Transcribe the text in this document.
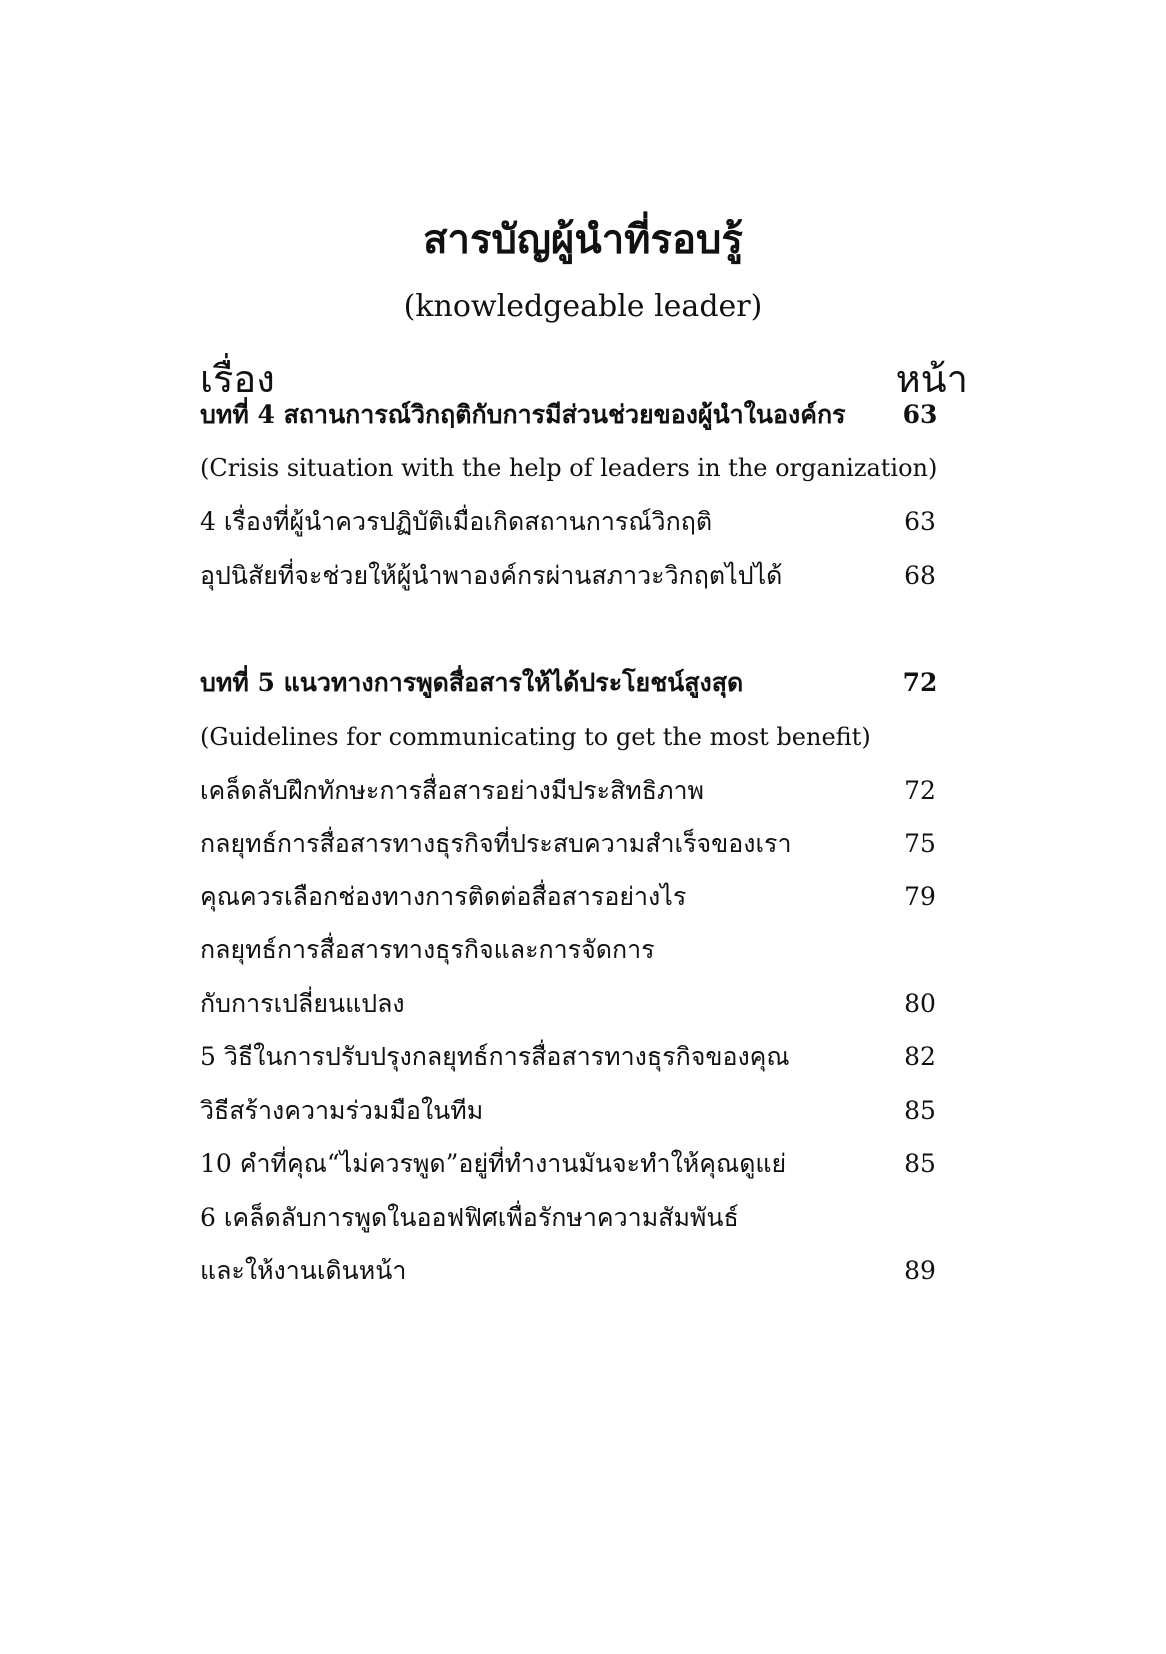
สารบัญผู้นำที่รอบรู้
(knowledgeable leader)
เรื่อง	หน้า
บทที่ 4 สถานการณ์วิกฤติกับการมีส่วนช่วยของผู้นำในองค์กร	63
(Crisis situation with the help of leaders in the organization)
4 เรื่องที่ผู้นำควรปฏิบัติเมื่อเกิดสถานการณ์วิกฤติ	63
อุปนิสัยที่จะช่วยให้ผู้นำพาองค์กรผ่านสภาวะวิกฤตไปได้	68
บทที่ 5 แนวทางการพูดสื่อสารให้ได้ประโยชน์สูงสุด	72
(Guidelines for communicating to get the most benefit)
เคล็ดลับฝึกทักษะการสื่อสารอย่างมีประสิทธิภาพ	72
กลยุทธ์การสื่อสารทางธุรกิจที่ประสบความสำเร็จของเรา	75
คุณควรเลือกช่องทางการติดต่อสื่อสารอย่างไร	79
กลยุทธ์การสื่อสารทางธุรกิจและการจัดการ
กับการเปลี่ยนแปลง	80
5 วิธีในการปรับปรุงกลยุทธ์การสื่อสารทางธุรกิจของคุณ	82
วิธีสร้างความร่วมมือในทีม	85
10 คำที่คุณ“ไม่ควรพูด”อยู่ที่ทำงานมันจะทำให้คุณดูแย่	85
6 เคล็ดลับการพูดในออฟฟิศเพื่อรักษาความสัมพันธ์
และให้งานเดินหน้า	89
